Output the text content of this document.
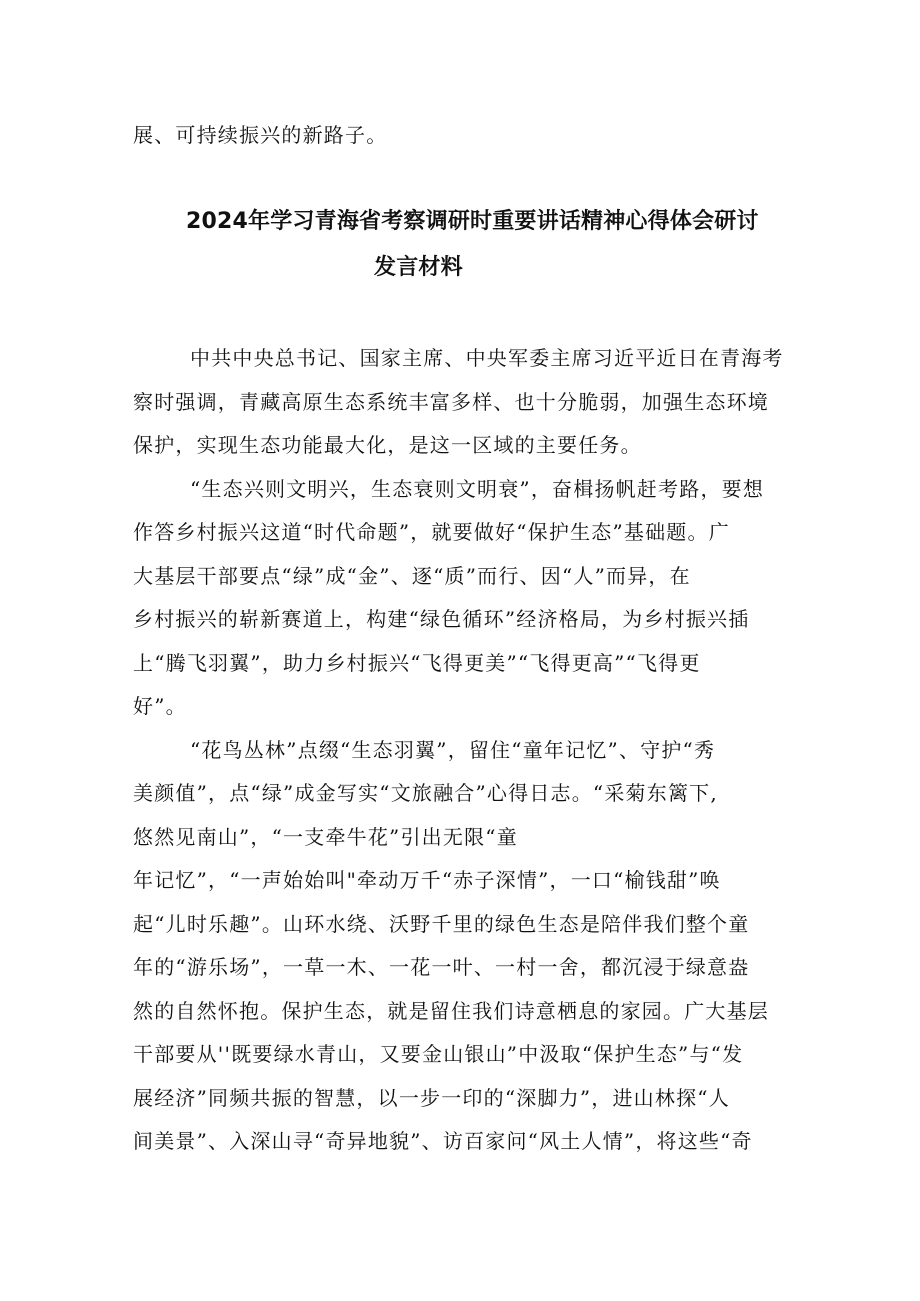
展、可持续振兴的新路子。
2024年学习青海省考察调研时重要讲话精神心得体会研讨
发言材料
中共中央总书记、国家主席、中央军委主席习近平近日在青海考
察时强调，青藏高原生态系统丰富多样、也十分脆弱，加强生态环境
保护，实现生态功能最大化，是这一区域的主要任务。
“生态兴则文明兴，生态衰则文明衰”，奋楫扬帆赶考路，要想
作答乡村振兴这道“时代命题”，就要做好“保护生态”基础题。广
大基层干部要点“绿”成“金”、逐“质”而行、因“人”而异，在
乡村振兴的崭新赛道上，构建“绿色循环”经济格局，为乡村振兴插
上“腾飞羽翼”，助力乡村振兴“飞得更美”“飞得更高”“飞得更
好”。
“花鸟丛林”点缀“生态羽翼”，留住“童年记忆”、守护“秀
美颜值”，点“绿”成金写实“文旅融合”心得日志。“采菊东篱下,
悠然见南山”，“一支牵牛花”引出无限“童
年记忆”，“一声始始叫"牵动万千“赤子深情”，一口“榆钱甜”唤
起“儿时乐趣”。山环水绕、沃野千里的绿色生态是陪伴我们整个童
年的“游乐场”，一草一木、一花一叶、一村一舍，都沉浸于绿意盎
然的自然怀抱。保护生态，就是留住我们诗意栖息的家园。广大基层
干部要从''既要绿水青山，又要金山银山”中汲取“保护生态”与“发
展经济”同频共振的智慧，以一步一印的“深脚力”，进山林探“人
间美景”、入深山寻“奇异地貌”、访百家问“风土人情”，将这些“奇
